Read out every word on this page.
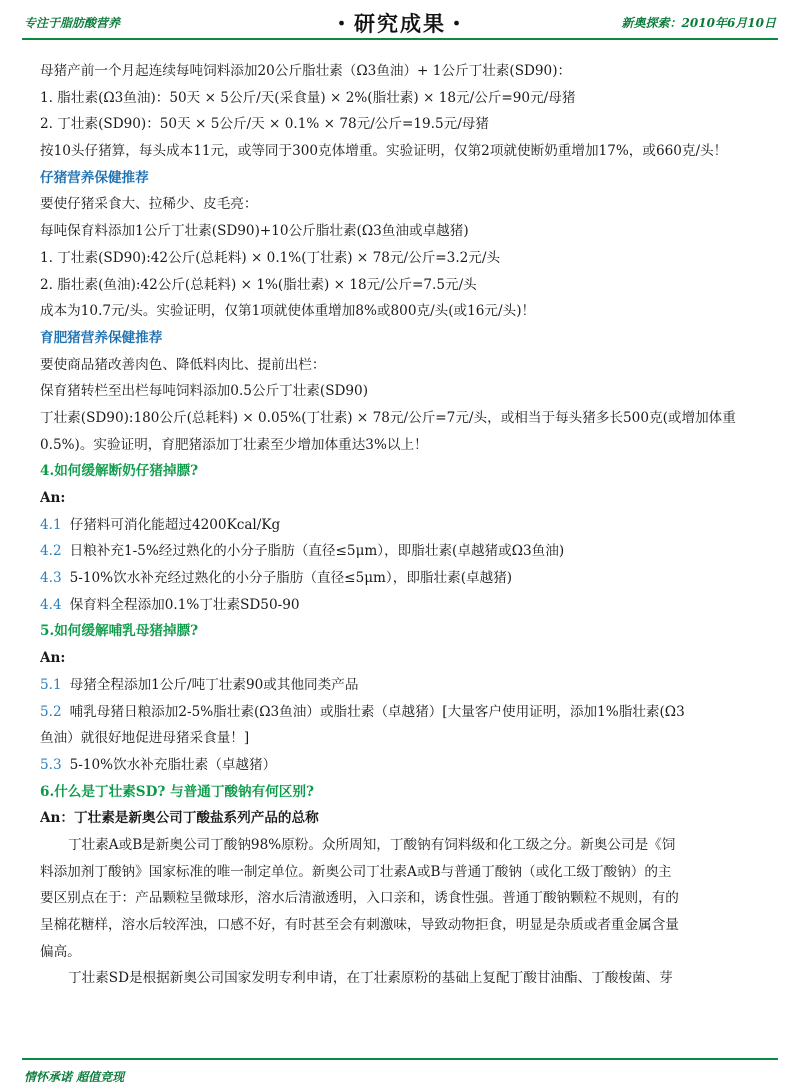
专注于脂肪酸营养	・研究成果・	新奥探索：2010年6月10日
母猪产前一个月起连续每吨饲料添加20公斤脂壮素（Ω3鱼油）+ 1公斤丁壮素(SD90)：
1. 脂壮素(Ω3鱼油)：50天 × 5公斤/天(采食量) × 2%(脂壮素) × 18元/公斤=90元/母猪
2. 丁壮素(SD90)：50天 × 5公斤/天 × 0.1% × 78元/公斤=19.5元/母猪
按10头仔猪算，每头成本11元，或等同于300克体增重。实验证明，仅第2项就使断奶重增加17%，或660克/头！
仔猪营养保健推荐
要使仔猪采食大、拉稀少、皮毛亮：
每吨保育料添加1公斤丁壮素(SD90)+10公斤脂壮素(Ω3鱼油或卓越猪)
1. 丁壮素(SD90):42公斤(总耗料) × 0.1%(丁壮素) × 78元/公斤=3.2元/头
2. 脂壮素(鱼油):42公斤(总耗料) × 1%(脂壮素) × 18元/公斤=7.5元/头
成本为10.7元/头。实验证明，仅第1项就使体重增加8%或800克/头(或16元/头)！
育肥猪营养保健推荐
要使商品猪改善肉色、降低料肉比、提前出栏：
保育猪转栏至出栏每吨饲料添加0.5公斤丁壮素(SD90)
丁壮素(SD90):180公斤(总耗料) × 0.05%(丁壮素) × 78元/公斤=7元/头，或相当于每头猪多长500克(或增加体重
0.5%)。实验证明，育肥猪添加丁壮素至少增加体重达3%以上！
4.如何缓解断奶仔猪掉膘?
An:
4.1 仔猪料可消化能超过4200Kcal/Kg
4.2 日粮补充1-5%经过熟化的小分子脂肪（直径≤5μm），即脂壮素(卓越猪或Ω3鱼油)
4.3 5-10%饮水补充经过熟化的小分子脂肪（直径≤5μm），即脂壮素(卓越猪)
4.4 保育料全程添加0.1%丁壮素SD50-90
5.如何缓解哺乳母猪掉膘?
An:
5.1 母猪全程添加1公斤/吨丁壮素90或其他同类产品
5.2 哺乳母猪日粮添加2-5%脂壮素(Ω3鱼油）或脂壮素（卓越猪）[大量客户使用证明，添加1%脂壮素(Ω3
鱼油）就很好地促进母猪采食量！]
5.3 5-10%饮水补充脂壮素（卓越猪）
6.什么是丁壮素SD? 与普通丁酸钠有何区别?
An：丁壮素是新奥公司丁酸盐系列产品的总称
丁壮素A或B是新奥公司丁酸钠98%原粉。众所周知，丁酸钠有饲料级和化工级之分。新奥公司是《饲
料添加剂丁酸钠》国家标准的唯一制定单位。新奥公司丁壮素A或B与普通丁酸钠（或化工级丁酸钠）的主
要区别点在于：产品颗粒呈微球形，溶水后清澈透明，入口亲和，诱食性强。普通丁酸钠颗粒不规则，有的
呈棉花糖样，溶水后较浑浊，口感不好，有时甚至会有刺激味，导致动物拒食，明显是杂质或者重金属含量
偏高。
丁壮素SD是根据新奥公司国家发明专利申请，在丁壮素原粉的基础上复配丁酸甘油酯、丁酸梭菌、芽
情怀承诺 超值竞现
